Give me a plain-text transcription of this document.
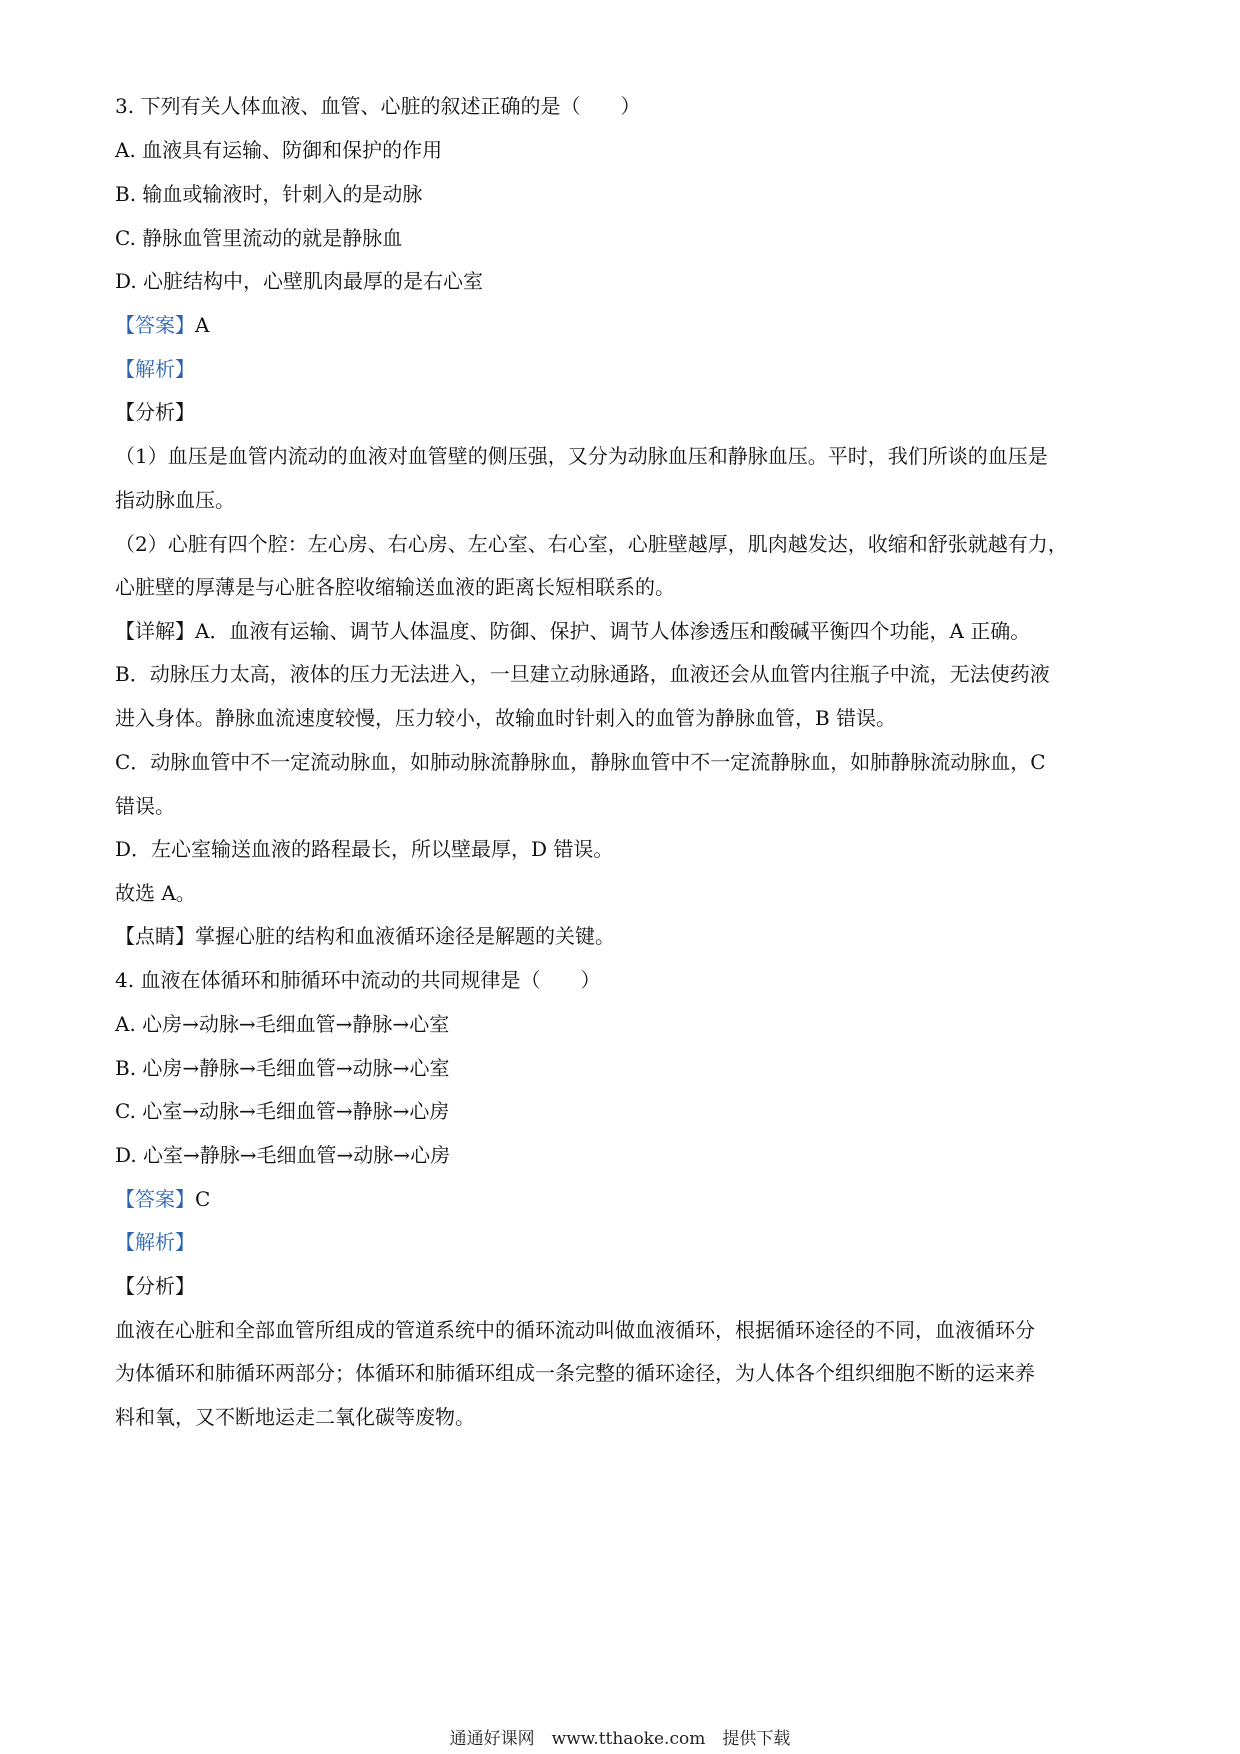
3. 下列有关人体血液、血管、心脏的叙述正确的是（　　）
A. 血液具有运输、防御和保护的作用
B. 输血或输液时，针刺入的是动脉
C. 静脉血管里流动的就是静脉血
D. 心脏结构中，心壁肌肉最厚的是右心室
【答案】A
【解析】
【分析】
（1）血压是血管内流动的血液对血管壁的侧压强，又分为动脉血压和静脉血压。平时，我们所谈的血压是
指动脉血压。
（2）心脏有四个腔：左心房、右心房、左心室、右心室，心脏壁越厚，肌肉越发达，收缩和舒张就越有力，
心脏壁的厚薄是与心脏各腔收缩输送血液的距离长短相联系的。
【详解】A．血液有运输、调节人体温度、防御、保护、调节人体渗透压和酸碱平衡四个功能，A 正确。
B．动脉压力太高，液体的压力无法进入，一旦建立动脉通路，血液还会从血管内往瓶子中流，无法使药液
进入身体。静脉血流速度较慢，压力较小，故输血时针刺入的血管为静脉血管，B 错误。
C．动脉血管中不一定流动脉血，如肺动脉流静脉血，静脉血管中不一定流静脉血，如肺静脉流动脉血，C
错误。
D．左心室输送血液的路程最长，所以壁最厚，D 错误。
故选 A。
【点睛】掌握心脏的结构和血液循环途径是解题的关键。
4. 血液在体循环和肺循环中流动的共同规律是（　　）
A. 心房→动脉→毛细血管→静脉→心室
B. 心房→静脉→毛细血管→动脉→心室
C. 心室→动脉→毛细血管→静脉→心房
D. 心室→静脉→毛细血管→动脉→心房
【答案】C
【解析】
【分析】
血液在心脏和全部血管所组成的管道系统中的循环流动叫做血液循环，根据循环途径的不同，血液循环分
为体循环和肺循环两部分；体循环和肺循环组成一条完整的循环途径，为人体各个组织细胞不断的运来养
料和氧，又不断地运走二氧化碳等废物。
通通好课网　www.tthaoke.com　提供下载
